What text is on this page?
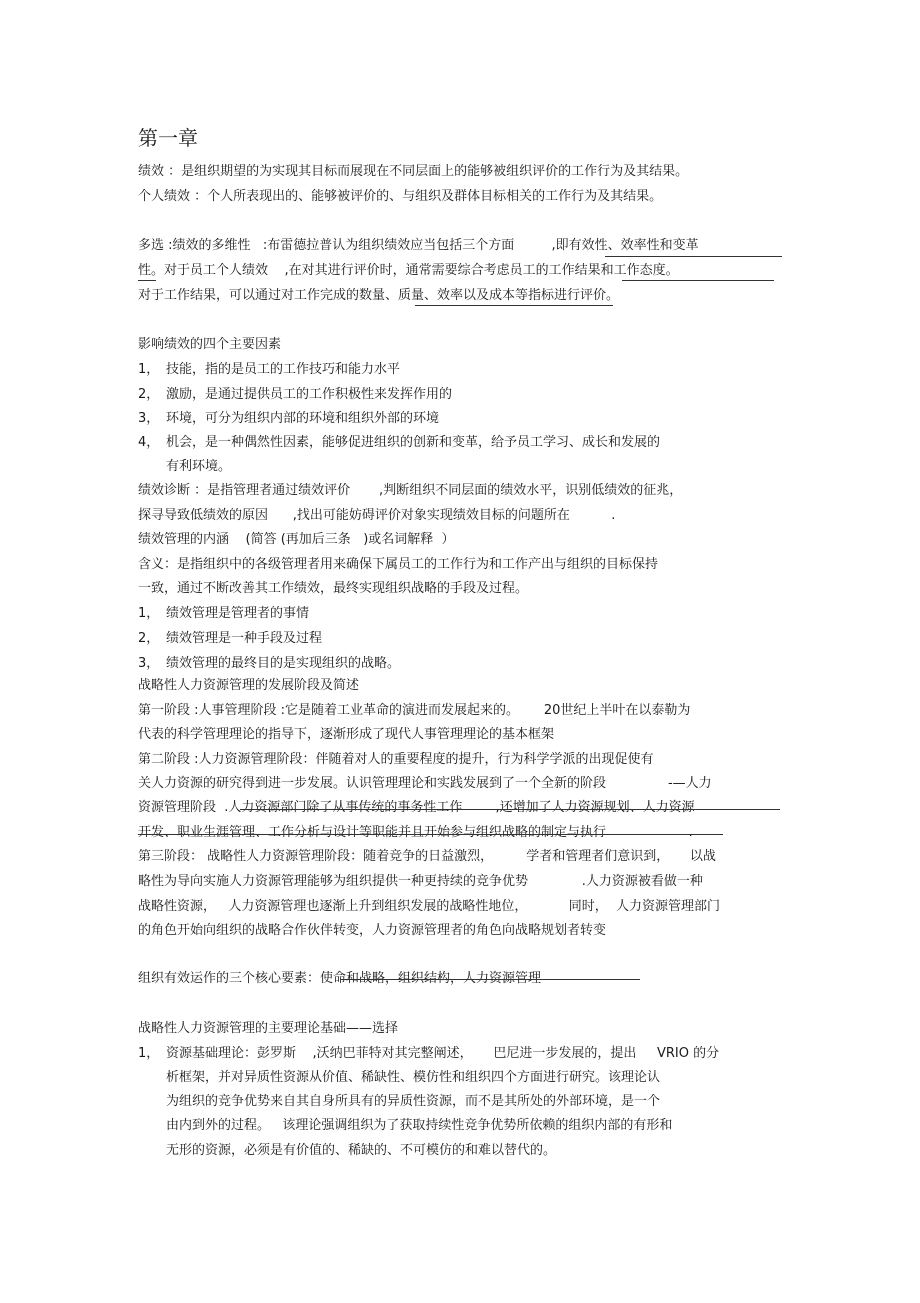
第一章
绩效 ：是组织期望的为实现其目标而展现在不同层面上的能够被组织评价的工作行为及其结果。
个人绩效 ：个人所表现出的、能够被评价的、与组织及群体目标相关的工作行为及其结果。
多选 :绩效的多维性   :布雷德拉普认为组织绩效应当包括三个方面         ,即有效性、效率性和变革
性。对于员工个人绩效    ,在对其进行评价时，通常需要综合考虑员工的工作结果和工作态度。
对于工作结果，可以通过对工作完成的数量、质量、效率以及成本等指标进行评价。
影响绩效的四个主要因素
1， 技能，指的是员工的工作技巧和能力水平
2， 激励，是通过提供员工的工作积极性来发挥作用的
3， 环境，可分为组织内部的环境和组织外部的环境
4， 机会，是一种偶然性因素，能够促进组织的创新和变革，给予员工学习、成长和发展的
有利环境。
绩效诊断 ：是指管理者通过绩效评价       ,判断组织不同层面的绩效水平，识别低绩效的征兆，
探寻导致低绩效的原因      ,找出可能妨碍评价对象实现绩效目标的问题所在          .
绩效管理的内涵    (简答 (再加后三条   )或名词解释  ）
含义：是指组织中的各级管理者用来确保下属员工的工作行为和工作产出与组织的目标保持
一致，通过不断改善其工作绩效，最终实现组织战略的手段及过程。
1， 绩效管理是管理者的事情
2， 绩效管理是一种手段及过程
3， 绩效管理的最终目的是实现组织的战略。
战略性人力资源管理的发展阶段及简述
第一阶段 :人事管理阶段 :它是随着工业革命的演进而发展起来的。      20世纪上半叶在以泰勒为
代表的科学管理理论的指导下，逐渐形成了现代人事管理理论的基本框架
第二阶段 :人力资源管理阶段：伴随着对人的重要程度的提升，行为科学学派的出现促使有
关人力资源的研究得到进一步发展。认识管理理论和实践发展到了一个全新的阶段               -—人力
资源管理阶段  .人力资源部门除了从事传统的事务性工作        ,还增加了人力资源规划、人力资源
开发、职业生涯管理、工作分析与设计等职能并且开始参与组织战略的制定与执行                    .
第三阶段： 战略性人力资源管理阶段：随着竞争的日益激烈，        学者和管理者们意识到，     以战
略性为导向实施人力资源管理能够为组织提供一种更持续的竞争优势             .人力资源被看做一种
战略性资源，   人力资源管理也逐渐上升到组织发展的战略性地位，          同时，  人力资源管理部门
的角色开始向组织的战略合作伙伴转变，人力资源管理者的角色向战略规划者转变
组织有效运作的三个核心要素：使命和战略，组织结构，人力资源管理
战略性人力资源管理的主要理论基础——选择
1， 资源基础理论：彭罗斯    ,沃纳巴菲特对其完整阐述，     巴尼进一步发展的，提出     VRIO 的分
析框架，并对异质性资源从价值、稀缺性、模仿性和组织四个方面进行研究。该理论认
为组织的竞争优势来自其自身所具有的异质性资源，而不是其所处的外部环境，是一个
由内到外的过程。   该理论强调组织为了获取持续性竞争优势所依赖的组织内部的有形和
无形的资源，必须是有价值的、稀缺的、不可模仿的和难以替代的。
